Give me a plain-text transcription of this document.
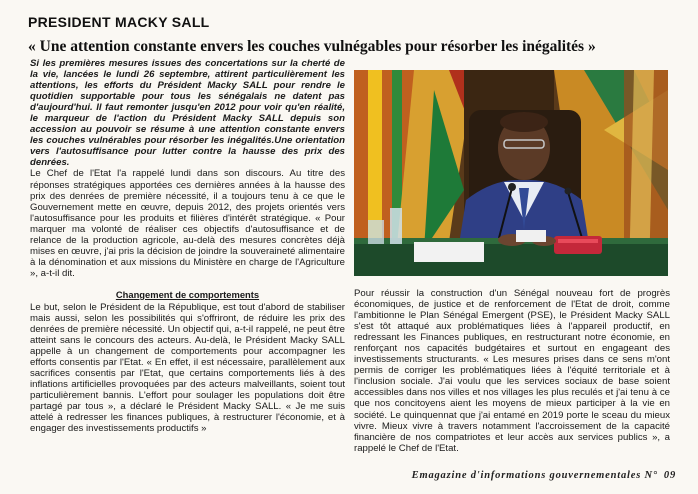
PRESIDENT MACKY SALL
« Une attention constante envers les couches vulnégables pour résorber les inégalités »

Si les premières mesures issues des concertations sur la cherté de la vie, lancées le lundi 26 septembre, attirent particulièrement les attentions, les efforts du Président Macky SALL pour rendre le quotidien supportable pour tous les sénégalais ne datent pas d'aujourd'hui. Il faut remonter jusqu'en 2012 pour voir qu'en réalité, le marqueur de l'action du Président Macky SALL depuis son accession au pouvoir se résume à une attention constante envers les couches vulnérables pour résorber les inégalités.Une orientation vers l'autosuffisance pour lutter contre la hausse des prix des denrées.

Le Chef de l'Etat l'a rappelé lundi dans son discours. Au titre des réponses stratégiques apportées ces dernières années à la hausse des prix des denrées de première nécessité, il a toujours tenu à ce que le Gouvernement mette en œuvre, depuis 2012, des projets orientés vers l'autosuffisance pour les produits et filières d'intérêt stratégique. « Pour marquer ma volonté de réaliser ces objectifs d'autosuffisance et de relance de la production agricole, au-delà des mesures concrètes déjà mises en œuvre, j'ai pris la décision de joindre la souveraineté alimentaire à la dénomination et aux missions du Ministère en charge de l'Agriculture », a-t-il dit.

Changement de comportements

Le but, selon le Président de la République, est tout d'abord de stabiliser mais aussi, selon les possibilités qui s'offriront, de réduire les prix des denrées de première nécessité. Un objectif qui, a-t-il rappelé, ne peut être atteint sans le concours des acteurs. Au-delà, le Président Macky SALL appelle à un changement de comportements pour accompagner les efforts consentis par l'Etat. « En effet, il est nécessaire, parallèlement aux sacrifices consentis par l'Etat, que certains comportements liés à des inflations artificielles provoquées par des acteurs malveillants, soient tout particulièrement bannis. L'effort pour soulager les populations doit être partagé par tous », a déclaré le Président Macky SALL. « Je me suis attelé à redresser les finances publiques, à restructurer l'économie, et à engager des investissements productifs »

Pour réussir la construction d'un Sénégal nouveau fort de progrès économiques, de justice et de renforcement de l'Etat de droit, comme l'ambitionne le Plan Sénégal Emergent (PSE), le Président Macky SALL s'est tôt attaqué aux problématiques liées à l'appareil productif, en redressant les Finances publiques, en restructurant notre économie, en renforçant nos capacités budgétaires et surtout en engageant des investissements structurants. « Les mesures prises dans ce sens m'ont permis de corriger les problématiques liées à l'équité territoriale et à l'inclusion sociale. J'ai voulu que les services sociaux de base soient accessibles dans nos villes et nos villages les plus reculés et j'ai tenu à ce que nos concitoyens aient les moyens de mieux participer à la vie en société. Le quinquennat que j'ai entamé en 2019 porte le sceau du mieux vivre. Mieux vivre à travers notamment l'accroissement de la capacité financière de nos compatriotes et leur accès aux services publics », a rappelé le Chef de l'Etat.

Emagazine d'informations gouvernementales N° 09
